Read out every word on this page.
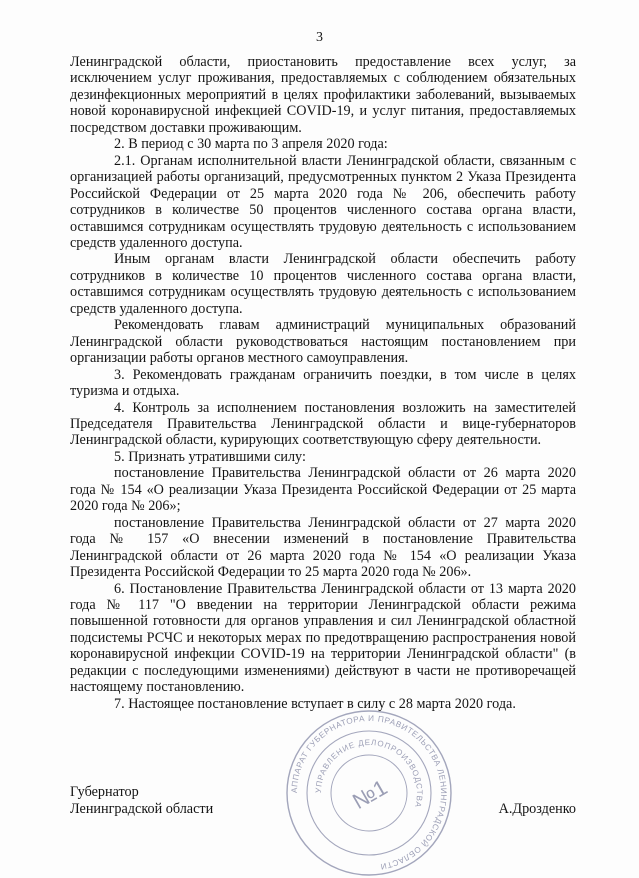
3

Ленинградской области, приостановить предоставление всех услуг, за исключением услуг проживания, предоставляемых с соблюдением обязательных дезинфекционных мероприятий в целях профилактики заболеваний, вызываемых новой коронавирусной инфекцией COVID-19, и услуг питания, предоставляемых посредством доставки проживающим.

2. В период с 30 марта по 3 апреля 2020 года:

2.1. Органам исполнительной власти Ленинградской области, связанным с организацией работы организаций, предусмотренных пунктом 2 Указа Президента Российской Федерации от 25 марта 2020 года № 206, обеспечить работу сотрудников в количестве 50 процентов численного состава органа власти, оставшимся сотрудникам осуществлять трудовую деятельность с использованием средств удаленного доступа.

Иным органам власти Ленинградской области обеспечить работу сотрудников в количестве 10 процентов численного состава органа власти, оставшимся сотрудникам осуществлять трудовую деятельность с использованием средств удаленного доступа.

Рекомендовать главам администраций муниципальных образований Ленинградской области руководствоваться настоящим постановлением при организации работы органов местного самоуправления.

3. Рекомендовать гражданам ограничить поездки, в том числе в целях туризма и отдыха.

4. Контроль за исполнением постановления возложить на заместителей Председателя Правительства Ленинградской области и вице-губернаторов Ленинградской области, курирующих соответствующую сферу деятельности.

5. Признать утратившими силу:

постановление Правительства Ленинградской области от 26 марта 2020 года № 154 «О реализации Указа Президента Российской Федерации от 25 марта 2020 года № 206»;

постановление Правительства Ленинградской области от 27 марта 2020 года № 157 «О внесении изменений в постановление Правительства Ленинградской области от 26 марта 2020 года № 154 «О реализации Указа Президента Российской Федерации то 25 марта 2020 года № 206».

6. Постановление Правительства Ленинградской области от 13 марта 2020 года № 117 "О введении на территории Ленинградской области режима повышенной готовности для органов управления и сил Ленинградской областной подсистемы РСЧС и некоторых мерах по предотвращению распространения новой коронавирусной инфекции COVID-19 на территории Ленинградской области" (в редакции с последующими изменениями) действуют в части не противоречащей настоящему постановлению.

7. Настоящее постановление вступает в силу с 28 марта 2020 года.

АППАРАТ ГУБЕРНАТОРА И ПРАВИТЕЛЬСТВА ЛЕНИНГРАДСКОЙ ОБЛАСТИ
УПРАВЛЕНИЕ ДЕЛОПРОИЗВОДСТВА
№1
Губернатор
Ленинградской области	А.Дрозденко
